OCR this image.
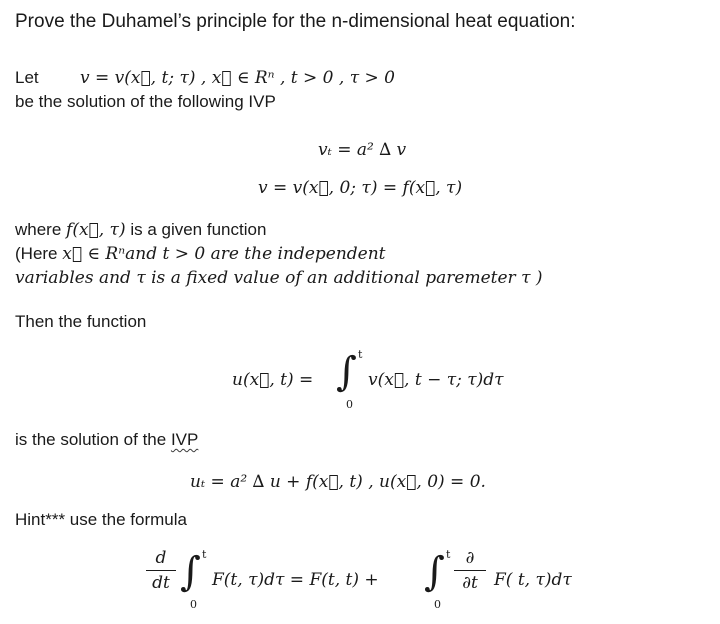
Prove the Duhamel’s principle for the n-dimensional heat equation:
Let v = v(x⃗, t; τ) , x⃗ ∈ Rⁿ , t > 0 , τ > 0
be the solution of the following IVP
vₜ = a² ∆ v
v = v(x⃗, 0; τ) = f(x⃗, τ)
where f(x⃗, τ) is a given function
(Here x⃗ ∈ Rⁿand t > 0 are the independent
variables and τ is a fixed value of an additional paremeter τ )
Then the function
u(x⃗, t) = ∫ t
0
v(x⃗, t − τ; τ)dτ
is the solution of the IVP
uₜ = a² ∆ u + f(x⃗, t) , u(x⃗, 0) = 0.
Hint*** use the formula
d
dt ∫ t
0
F(t, τ)dτ = F(t, t) + ∫ t
0
∂
∂t F( t, τ)dτ
